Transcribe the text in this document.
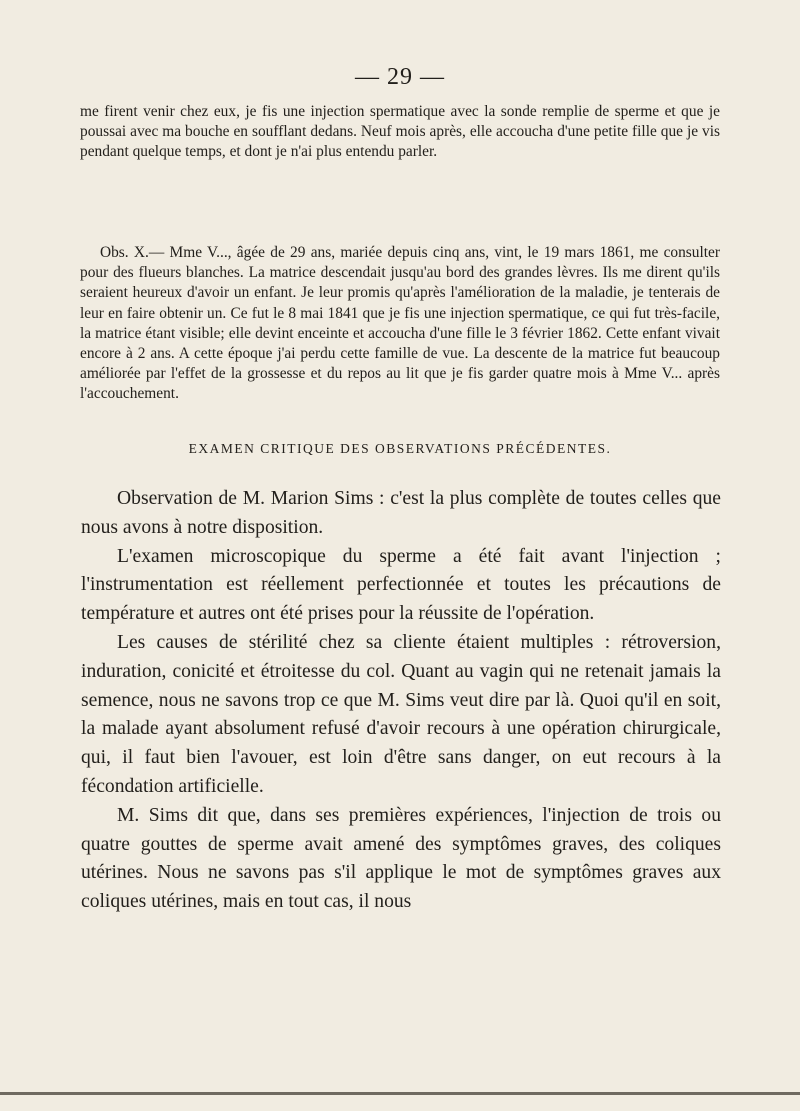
— 29 —

me firent venir chez eux, je fis une injection spermatique avec la sonde remplie de sperme et que je poussai avec ma bouche en soufflant dedans. Neuf mois après, elle accoucha d'une petite fille que je vis pendant quelque temps, et dont je n'ai plus entendu parler.

Obs. X.— Mme V..., âgée de 29 ans, mariée depuis cinq ans, vint, le 19 mars 1861, me consulter pour des flueurs blanches. La matrice descendait jusqu'au bord des grandes lèvres. Ils me dirent qu'ils seraient heureux d'avoir un enfant. Je leur promis qu'après l'amélioration de la maladie, je tenterais de leur en faire obtenir un. Ce fut le 8 mai 1841 que je fis une injection spermatique, ce qui fut très-facile, la matrice étant visible; elle devint enceinte et accoucha d'une fille le 3 février 1862. Cette enfant vivait encore à 2 ans. A cette époque j'ai perdu cette famille de vue. La descente de la matrice fut beaucoup améliorée par l'effet de la grossesse et du repos au lit que je fis garder quatre mois à Mme V... après l'accouchement.

EXAMEN CRITIQUE DES OBSERVATIONS PRÉCÉDENTES.

Observation de M. Marion Sims : c'est la plus complète de toutes celles que nous avons à notre disposition.

L'examen microscopique du sperme a été fait avant l'injection ; l'instrumentation est réellement perfectionnée et toutes les précautions de température et autres ont été prises pour la réussite de l'opération.

Les causes de stérilité chez sa cliente étaient multiples : rétroversion, induration, conicité et étroitesse du col. Quant au vagin qui ne retenait jamais la semence, nous ne savons trop ce que M. Sims veut dire par là. Quoi qu'il en soit, la malade ayant absolument refusé d'avoir recours à une opération chirurgicale, qui, il faut bien l'avouer, est loin d'être sans danger, on eut recours à la fécondation artificielle.

M. Sims dit que, dans ses premières expériences, l'injection de trois ou quatre gouttes de sperme avait amené des symptômes graves, des coliques utérines. Nous ne savons pas s'il applique le mot de symptômes graves aux coliques utérines, mais en tout cas, il nous
